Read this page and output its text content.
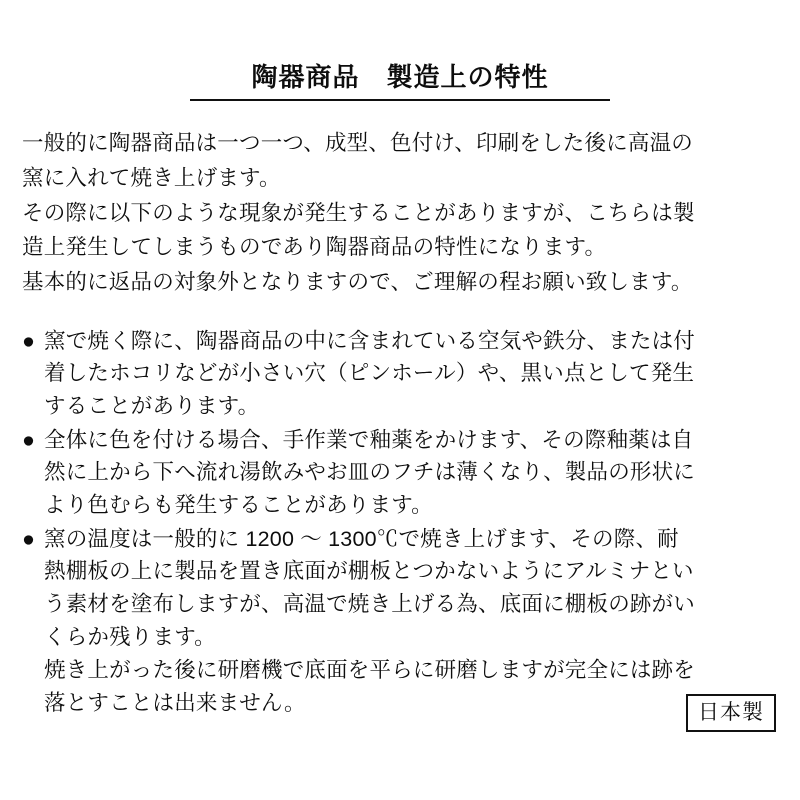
陶器商品　製造上の特性

一般的に陶器商品は一つ一つ、成型、色付け、印刷をした後に高温の

窯に入れて焼き上げます。

その際に以下のような現象が発生することがありますが、こちらは製

造上発生してしまうものであり陶器商品の特性になります。

基本的に返品の対象外となりますので、ご理解の程お願い致します。

● 窯で焼く際に、陶器商品の中に含まれている空気や鉄分、または付

着したホコリなどが小さい穴（ピンホール）や、黒い点として発生

することがあります。

● 全体に色を付ける場合、手作業で釉薬をかけます、その際釉薬は自

然に上から下へ流れ湯飲みやお皿のフチは薄くなり、製品の形状に

より色むらも発生することがあります。

● 窯の温度は一般的に 1200 〜 1300℃で焼き上げます、その際、耐

熱棚板の上に製品を置き底面が棚板とつかないようにアルミナとい

う素材を塗布しますが、高温で焼き上げる為、底面に棚板の跡がい

くらか残ります。

焼き上がった後に研磨機で底面を平らに研磨しますが完全には跡を

落とすことは出来ません。	日本製
